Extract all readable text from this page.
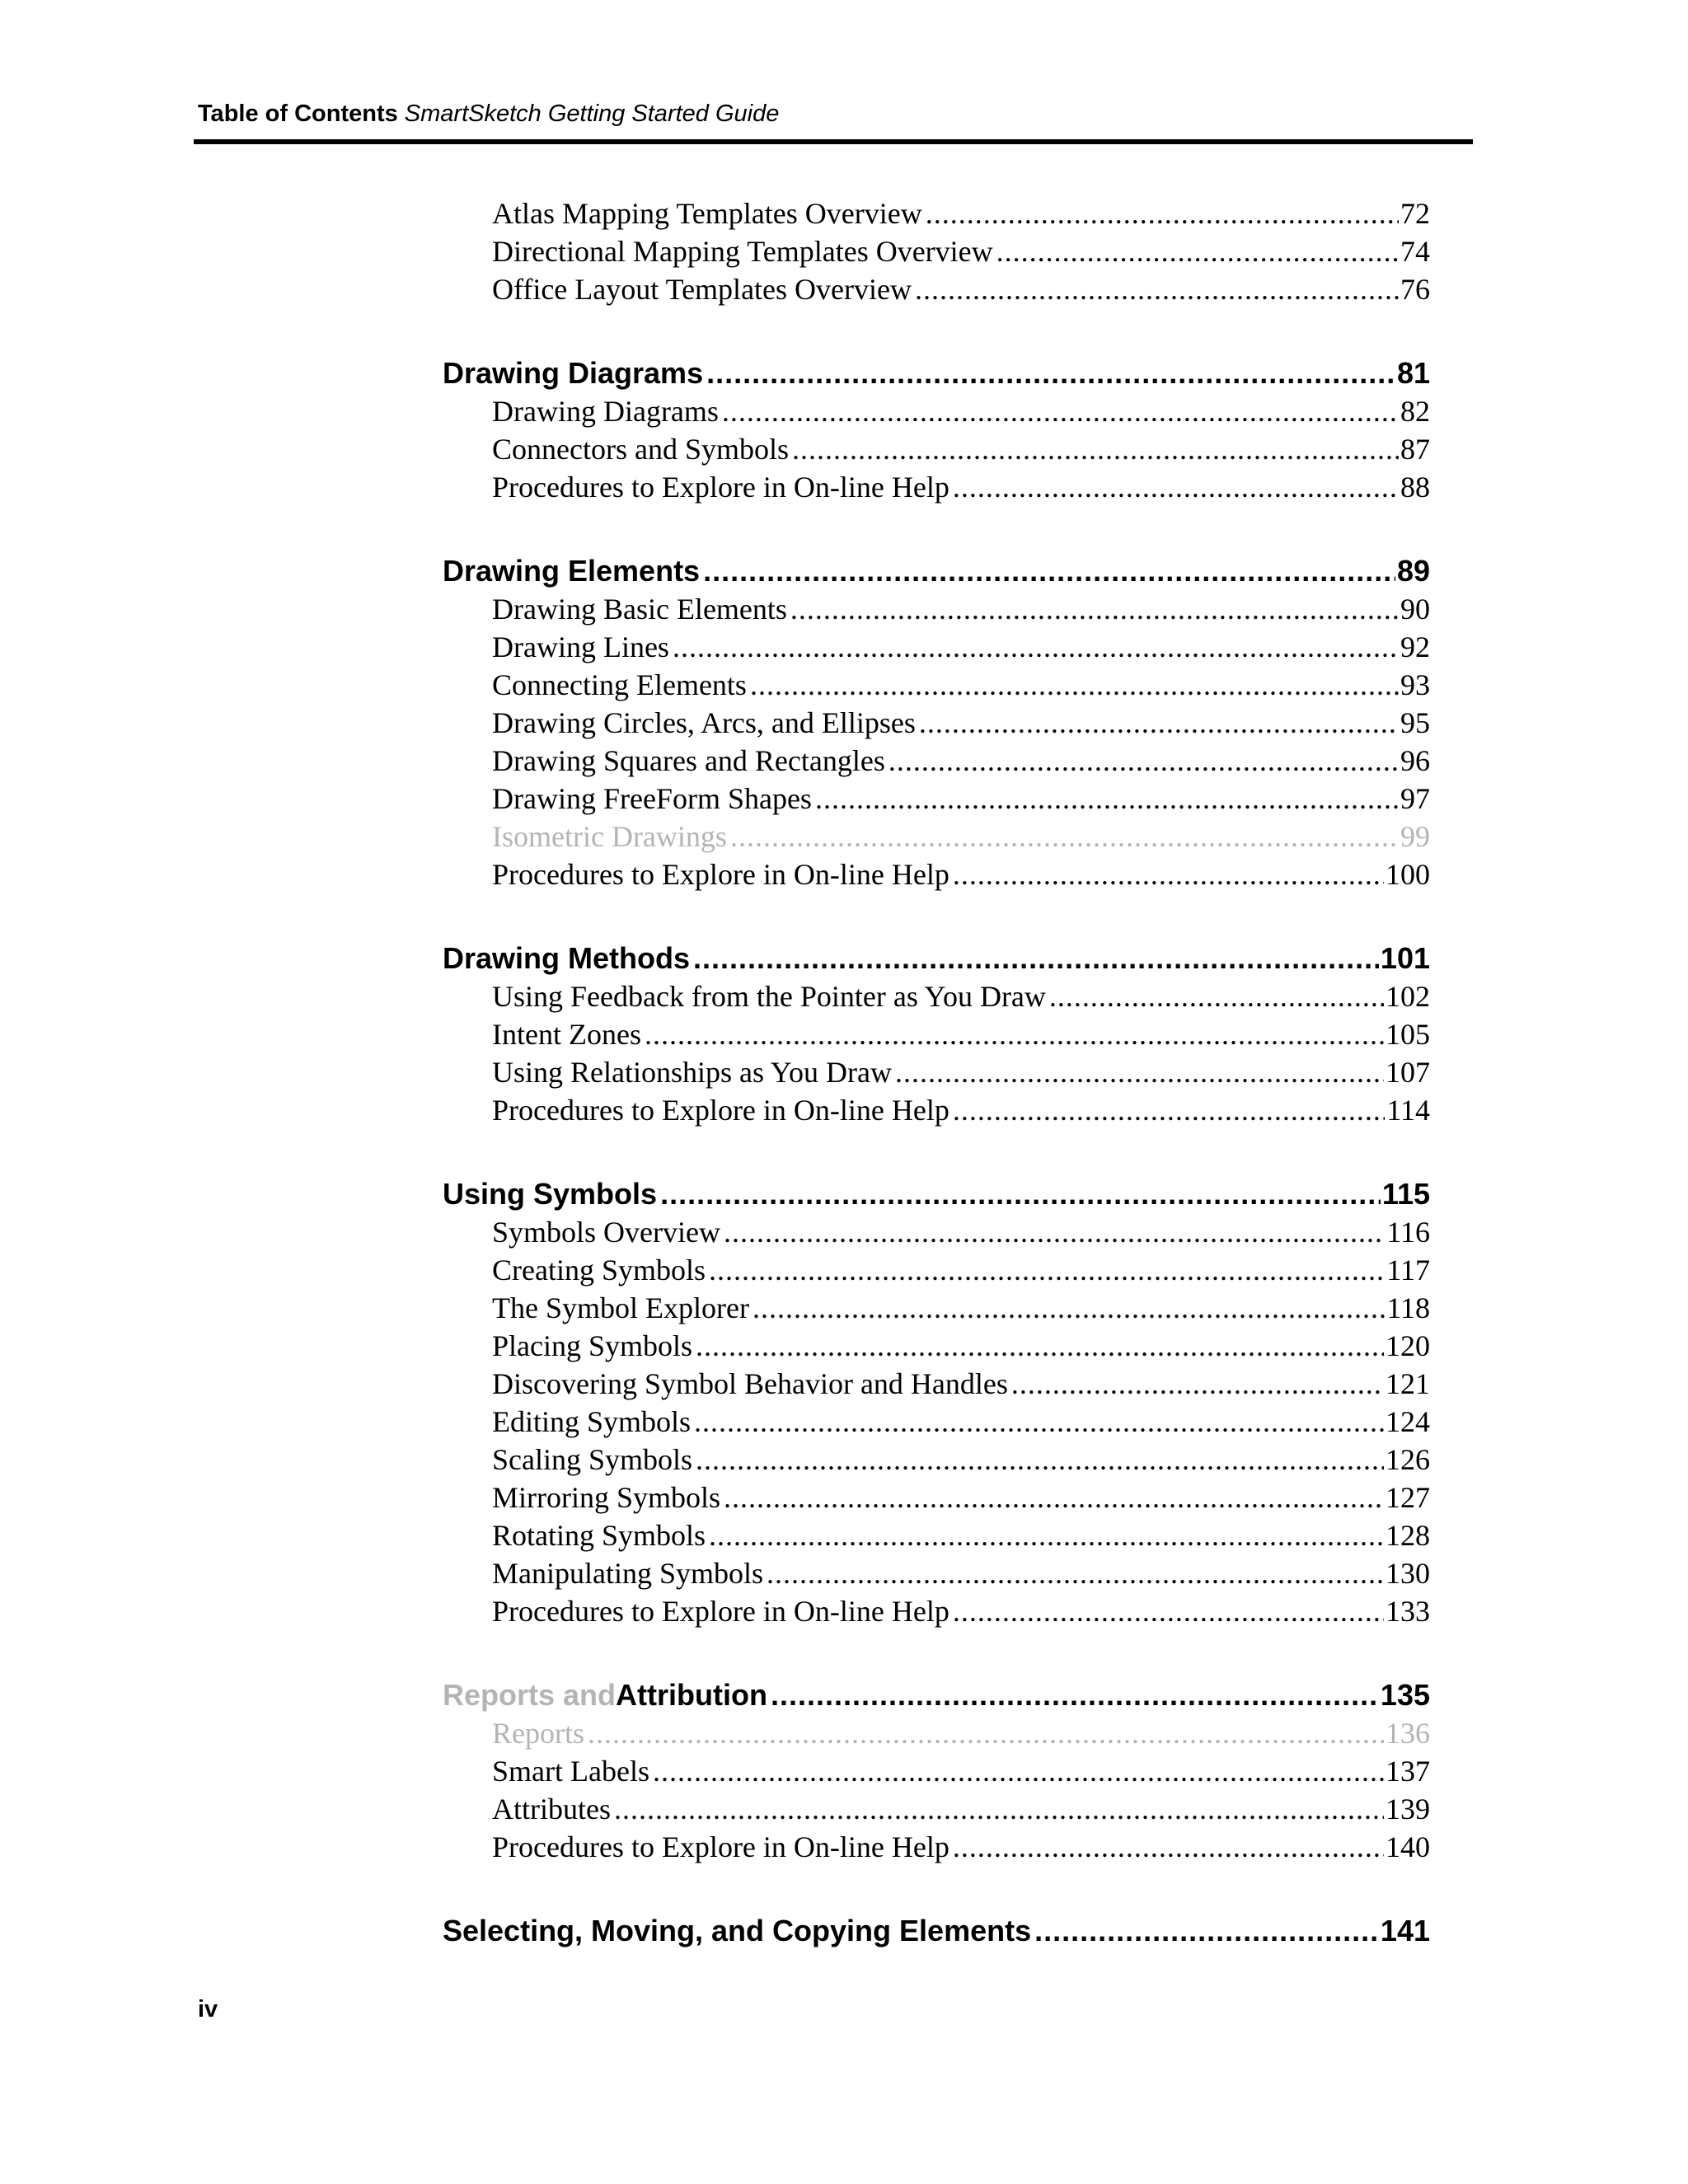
Table of Contents SmartSketch Getting Started Guide
Atlas Mapping Templates Overview .....	72
Directional Mapping Templates Overview .....	74
Office Layout Templates Overview .....	76
Drawing Diagrams .....	81
Drawing Diagrams .....	82
Connectors and Symbols .....	87
Procedures to Explore in On-line Help .....	88
Drawing Elements .....	89
Drawing Basic Elements .....	90
Drawing Lines .....	92
Connecting Elements .....	93
Drawing Circles, Arcs, and Ellipses .....	95
Drawing Squares and Rectangles .....	96
Drawing FreeForm Shapes .....	97
Isometric Drawings .....	99
Procedures to Explore in On-line Help .....	100
Drawing Methods .....	101
Using Feedback from the Pointer as You Draw .....	102
Intent Zones .....	105
Using Relationships as You Draw .....	107
Procedures to Explore in On-line Help .....	114
Using Symbols .....	115
Symbols Overview .....	116
Creating Symbols .....	117
The Symbol Explorer .....	118
Placing Symbols .....	120
Discovering Symbol Behavior and Handles .....	121
Editing Symbols .....	124
Scaling Symbols .....	126
Mirroring Symbols .....	127
Rotating Symbols .....	128
Manipulating Symbols .....	130
Procedures to Explore in On-line Help .....	133
Reports and Attribution .....	135
Reports .....	136
Smart Labels .....	137
Attributes .....	139
Procedures to Explore in On-line Help .....	140
Selecting, Moving, and Copying Elements .....	141
iv
